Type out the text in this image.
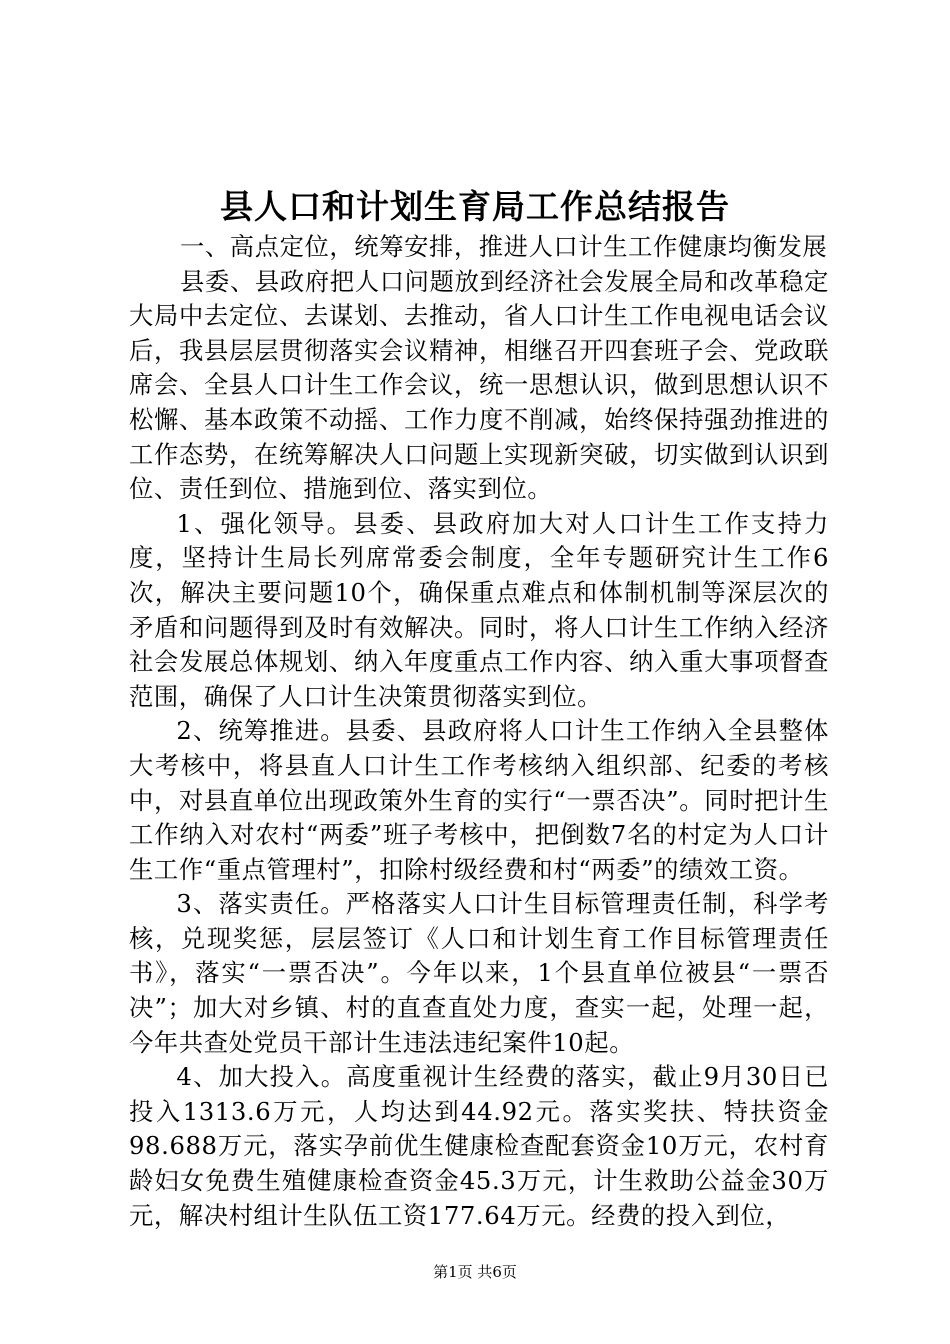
县人口和计划生育局工作总结报告

一、高点定位，统筹安排，推进人口计生工作健康均衡发展

县委、县政府把人口问题放到经济社会发展全局和改革稳定大局中去定位、去谋划、去推动，省人口计生工作电视电话会议后，我县层层贯彻落实会议精神，相继召开四套班子会、党政联席会、全县人口计生工作会议，统一思想认识，做到思想认识不松懈、基本政策不动摇、工作力度不削减，始终保持强劲推进的工作态势，在统筹解决人口问题上实现新突破，切实做到认识到位、责任到位、措施到位、落实到位。

1、强化领导。县委、县政府加大对人口计生工作支持力度，坚持计生局长列席常委会制度，全年专题研究计生工作6次，解决主要问题10个，确保重点难点和体制机制等深层次的矛盾和问题得到及时有效解决。同时，将人口计生工作纳入经济社会发展总体规划、纳入年度重点工作内容、纳入重大事项督查范围，确保了人口计生决策贯彻落实到位。

2、统筹推进。县委、县政府将人口计生工作纳入全县整体大考核中，将县直人口计生工作考核纳入组织部、纪委的考核中，对县直单位出现政策外生育的实行“一票否决”。同时把计生工作纳入对农村“两委”班子考核中，把倒数7名的村定为人口计生工作“重点管理村”，扣除村级经费和村“两委”的绩效工资。

3、落实责任。严格落实人口计生目标管理责任制，科学考核，兑现奖惩，层层签订《人口和计划生育工作目标管理责任书》，落实“一票否决”。今年以来，1个县直单位被县“一票否决”；加大对乡镇、村的直查直处力度，查实一起，处理一起，今年共查处党员干部计生违法违纪案件10起。

4、加大投入。高度重视计生经费的落实，截止9月30日已投入1313.6万元，人均达到44.92元。落实奖扶、特扶资金98.688万元，落实孕前优生健康检查配套资金10万元，农村育龄妇女免费生殖健康检查资金45.3万元，计生救助公益金30万元，解决村组计生队伍工资177.64万元。经费的投入到位，

第1页 共6页
